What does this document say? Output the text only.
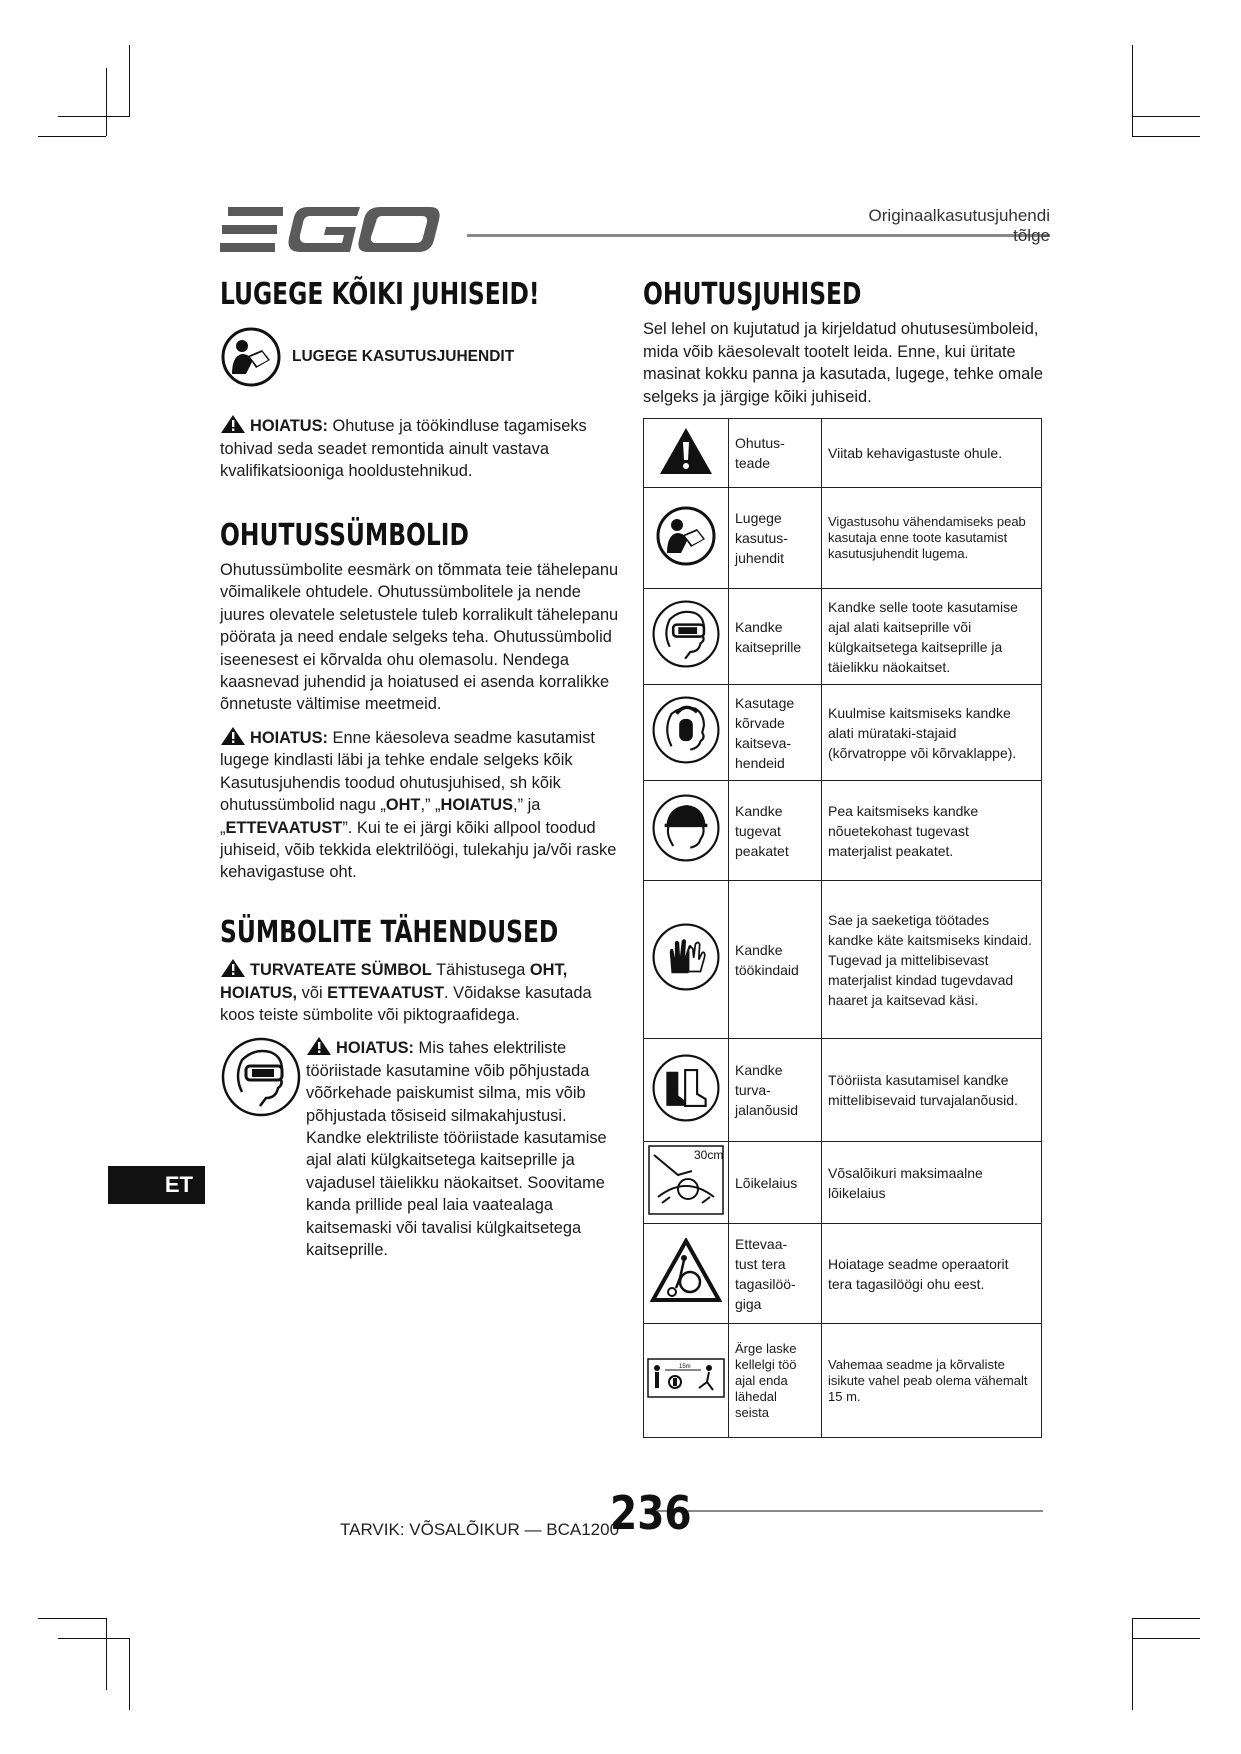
EGO
Originaalkasutusjuhendi tõlge
LUGEGE KÕIKI JUHISEID!
LUGEGE KASUTUSJUHENDIT

HOIATUS: Ohutuse ja töökindluse tagamiseks tohivad seda seadet remontida ainult vastava kvalifikatsiooniga hooldustehnikud.

OHUTUSSÜMBOLID

Ohutussümbolite eesmärk on tõmmata teie tähelepanu võimalikele ohtudele. Ohutussümbolitele ja nende juures olevatele seletustele tuleb korralikult tähelepanu pöörata ja need endale selgeks teha. Ohutussümbolid iseenesest ei kõrvalda ohu olemasolu. Nendega kaasnevad juhendid ja hoiatused ei asenda korralikke õnnetuste vältimise meetmeid.

HOIATUS: Enne käesoleva seadme kasutamist lugege kindlasti läbi ja tehke endale selgeks kõik Kasutusjuhendis toodud ohutusjuhised, sh kõik ohutussümbolid nagu „OHT,” „HOIATUS,” ja „ETTEVAATUST”. Kui te ei järgi kõiki allpool toodud juhiseid, võib tekkida elektrilöögi, tulekahju ja/või raske kehavigastuse oht.

SÜMBOLITE TÄHENDUSED

TURVATEATE SÜMBOL Tähistusega OHT, HOIATUS, või ETTEVAATUST. Võidakse kasutada koos teiste sümbolite või piktograafidega.

HOIATUS: Mis tahes elektriliste tööriistade kasutamine võib põhjustada võõrkehade paiskumist silma, mis võib põhjustada tõsiseid silmakahjustusi. Kandke elektriliste tööriistade kasutamise ajal alati külgkaitsetega kaitseprille ja vajadusel täielikku näokaitset. Soovitame kanda prillide peal laia vaatealaga kaitsemaski või tavalisi külgkaitsetega kaitseprille.

ET
OHUTUSJUHISED

Sel lehel on kujutatud ja kirjeldatud ohutusesümboleid, mida võib käesolevalt tootelt leida. Enne, kui üritate masinat kokku panna ja kasutada, lugege, tehke omale selgeks ja järgige kõiki juhiseid.

	Ohutus-
teade	Viitab kehavigastuste ohule.
	Lugege
kasutus-
juhendit	Vigastusohu vähendamiseks peab kasutaja enne toote kasutamist kasutusjuhendit lugema.
	Kandke
kaitseprille	Kandke selle toote kasutamise ajal alati kaitseprille või külgkaitsetega kaitseprille ja täielikku näokaitset.
	Kasutage
kõrvade
kaitseva-
hendeid	Kuulmise kaitsmiseks kandke alati mürataki-stajaid (kõrvatroppe või kõrvaklappe).
	Kandke
tugevat
peakatet	Pea kaitsmiseks kandke nõuetekohast tugevast materjalist peakatet.
	Kandke
töökindaid	Sae ja saeketiga töötades kandke käte kaitsmiseks kindaid. Tugevad ja mittelibisevast materjalist kindad tugevdavad haaret ja kaitsevad käsi.
	Kandke
turva-
jalanõusid	Tööriista kasutamisel kandke mittelibisevaid turvajalanõusid.

30cm	Lõikelaius	Võsalõikuri maksimaalne lõikelaius
	Ettevaa-
tust tera
tagasilöö-
giga	Hoiatage seadme operaatorit tera tagasilöögi ohu eest.

15m	Ärge laske
kellelgi töö
ajal enda
lähedal
seista	Vahemaa seadme ja kõrvaliste isikute vahel peab olema vähemalt 15 m.
TARVIK: VÕSALÕIKUR — BCA1200
236
